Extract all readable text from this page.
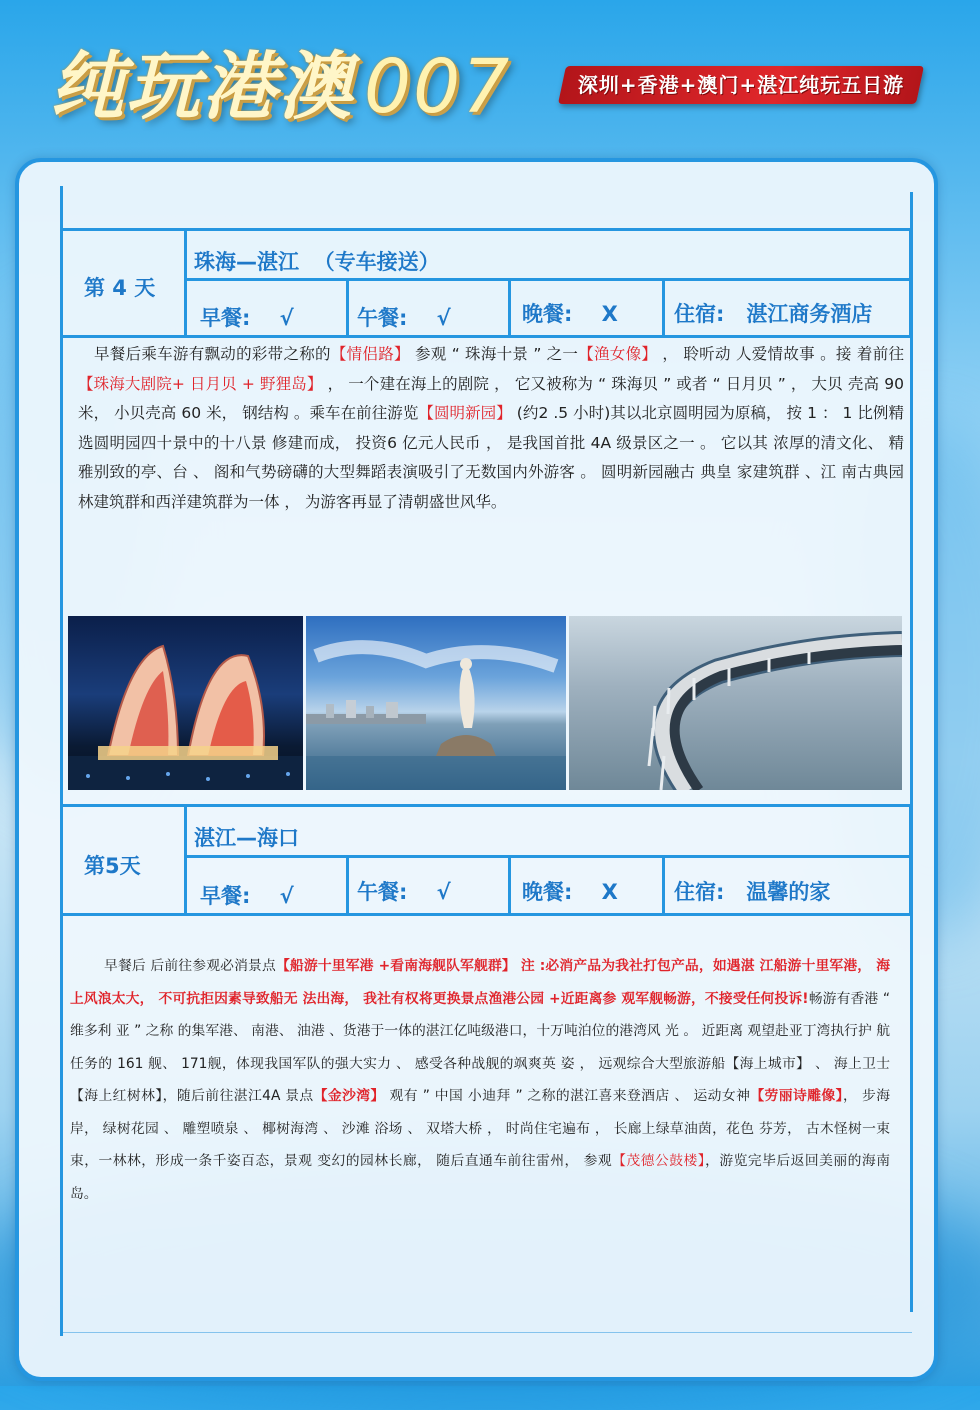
纯玩港澳 007	深圳+香港+澳门+湛江纯玩五日游
第 4 天
珠海—湛江  （专车接送）
早餐:    √	午餐:    √	晚餐:    X	住宿:   湛江商务酒店
早餐后乘车游有飘动的彩带之称的【情侣路】 参观 “ 珠海十景 ” 之一【渔女像】 ， 聆听动 人爱情故事 。接 着前往【珠海大剧院+ 日月贝 + 野狸岛】 ， 一个建在海上的剧院 ， 它又被称为 “ 珠海贝 ” 或者 “ 日月贝 ” ， 大贝 壳高 90 米， 小贝壳高 60 米， 钢结构 。乘车在前往游览【圆明新园】 (约2 .5 小时)其以北京圆明园为原稿， 按 1 ： 1 比例精选圆明园四十景中的十八景 修建而成， 投资6 亿元人民币 ， 是我国首批 4A 级景区之一 。 它以其 浓厚的清文化、 精雅别致的亭、台 、 阁和气势磅礴的大型舞蹈表演吸引了无数国内外游客 。 圆明新园融古 典皇 家建筑群 、江 南古典园林建筑群和西洋建筑群为一体 ， 为游客再显了清朝盛世风华。
第5天
湛江—海口
早餐:    √	午餐:    √	晚餐:    X	住宿:   温馨的家
早餐后 后前往参观必消景点【船游十里军港 +看南海舰队军舰群】 注 :必消产品为我社打包产品，如遇湛 江船游十里军港， 海上风浪太大， 不可抗拒因素导致船无 法出海， 我社有权将更换景点渔港公园 +近距离参 观军舰畅游，不接受任何投诉!畅游有香港 “ 维多利 亚 ” 之称 的集军港、 南港、 油港 、货港于一体的湛江亿吨级港口，十万吨泊位的港湾风 光 。 近距离 观望赴亚丁湾执行护 航任务的 161 舰、 171舰，体现我国军队的强大实力 、 感受各种战舰的飒爽英 姿 ， 远观综合大型旅游船【海上城市】 、 海上卫士【海上红树林】，随后前往湛江4A 景点【金沙湾】 观有 ” 中国 小迪拜 ” 之称的湛江喜来登酒店 、 运动女神【劳丽诗雕像】， 步海岸， 绿树花园 、 雕塑喷泉 、 椰树海湾 、 沙滩 浴场 、 双塔大桥 ， 时尚住宅遍布 ， 长廊上绿草油茵，花色 芬芳， 古木怪树一束束，一林林，形成一条千姿百态，景观 变幻的园林长廊， 随后直通车前往雷州， 参观【茂德公鼓楼】，游览完毕后返回美丽的海南岛。
